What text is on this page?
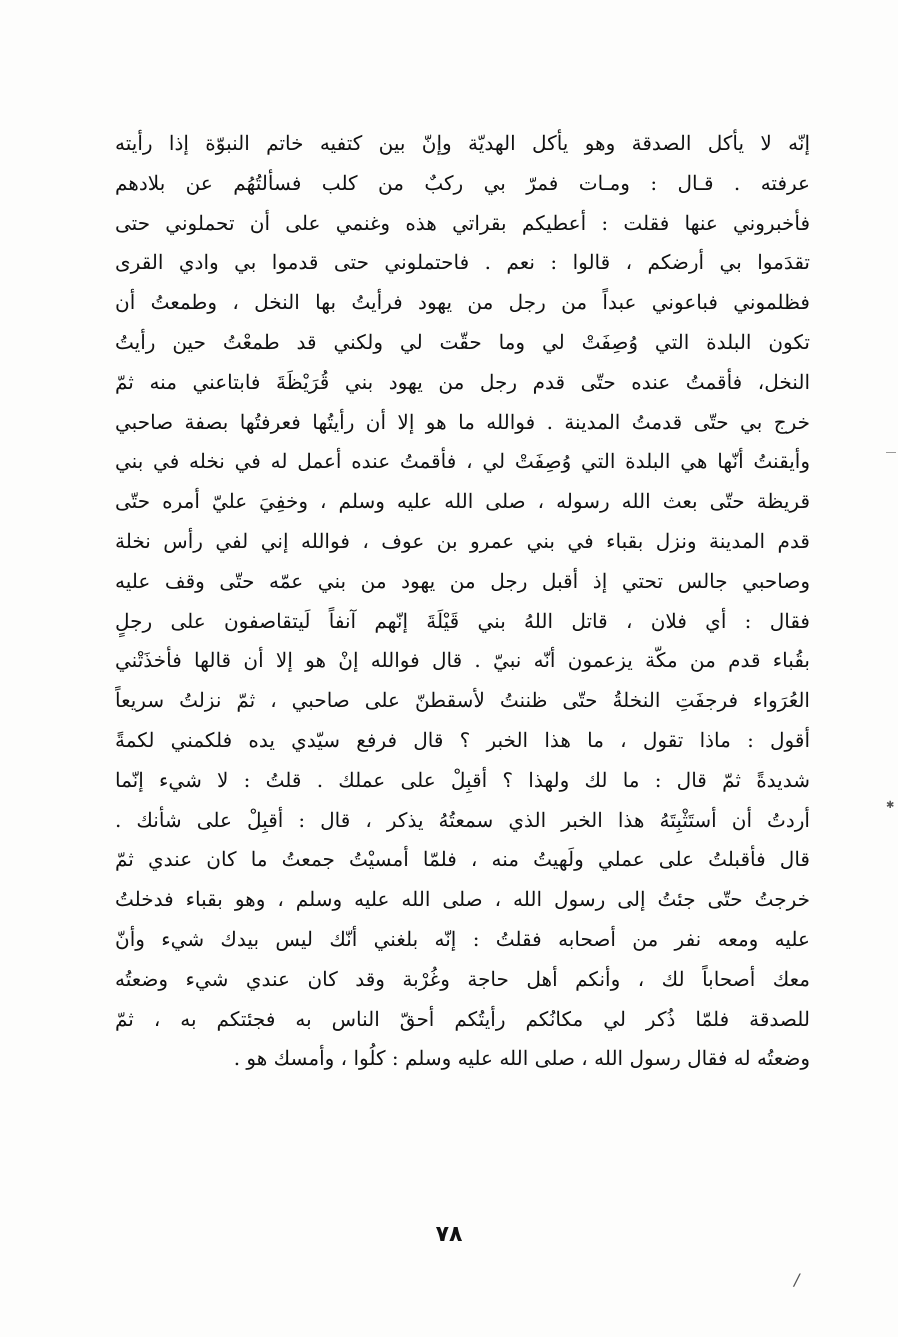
إنّه لا يأكل الصدقة وهو يأكل الهديّة وإنّ بين كتفيه خاتم النبوّة إذا رأيته
عرفته . قـال : ومـات فمرّ بي ركبٌ من كلب فسألتُهُم عن بلادهم
فأخبروني عنها فقلت : أعطيكم بقراتي هذه وغنمي على أن تحملوني حتى
تقدَموا بي أرضكم ، قالوا : نعم . فاحتملوني حتى قدموا بي وادي القرى
فظلموني فباعوني عبداً من رجل من يهود فرأيتُ بها النخل ، وطمعتُ أن
تكون البلدة التي وُصِفَتْ لي وما حقّت لي ولكني قد طمعْتُ حين رأيتُ
النخل، فأقمتُ عنده حتّى قدم رجل من يهود بني قُرَيْظَةَ فابتاعني منه ثمّ
خرج بي حتّى قدمتُ المدينة . فوالله ما هو إلا أن رأيتُها فعرفتُها بصفة صاحبي
وأيقنتُ أنّها هي البلدة التي وُصِفَتْ لي ، فأقمتُ عنده أعمل له في نخله في بني
قريظة حتّى بعث الله رسوله ، صلى الله عليه وسلم ، وخفِيَ عليّ أمره حتّى
قدم المدينة ونزل بقباء في بني عمرو بن عوف ، فوالله إني لفي رأس نخلة
وصاحبي جالس تحتي إذ أقبل رجل من يهود من بني عمّه حتّى وقف عليه
فقال : أي فلان ، قاتل اللهُ بني قَيْلَةَ إنّهم آنفاً لَيتقاصفون على رجلٍ
بقُباء قدم من مكّة يزعمون أنّه نبيّ . قال فوالله إنْ هو إلا أن قالها فأخذَتْني
العُرَواء فرجفَتِ النخلةُ حتّى ظننتُ لأسقطنّ على صاحبي ، ثمّ نزلتُ سريعاً
أقول : ماذا تقول ، ما هذا الخبر ؟ قال فرفع سيّدي يده فلكمني لكمةً
شديدةً ثمّ قال : ما لك ولهذا ؟ أقبِلْ على عملك . قلتُ : لا شيء إنّما
أردتُ أن أستَثْبِتَهُ هذا الخبر الذي سمعتُهُ يذكر ، قال : أقبِلْ على شأنك .
قال فأقبلتُ على عملي ولَهيتُ منه ، فلمّا أمسيْتُ جمعتُ ما كان عندي ثمّ
خرجتُ حتّى جئتُ إلى رسول الله ، صلى الله عليه وسلم ، وهو بقباء فدخلتُ
عليه ومعه نفر من أصحابه فقلتُ : إنّه بلغني أنّك ليس بيدك شيء وأنّ
معك أصحاباً لك ، وأنكم أهل حاجة وغُرْبة وقد كان عندي شيء وضعتُه
للصدقة فلمّا ذُكر لي مكانُكم رأيتُكم أحقّ الناس به فجئتكم به ، ثمّ
وضعتُه له فقال رسول الله ، صلى الله عليه وسلم : كلُوا ، وأمسك هو .
٧٨
✱
/
